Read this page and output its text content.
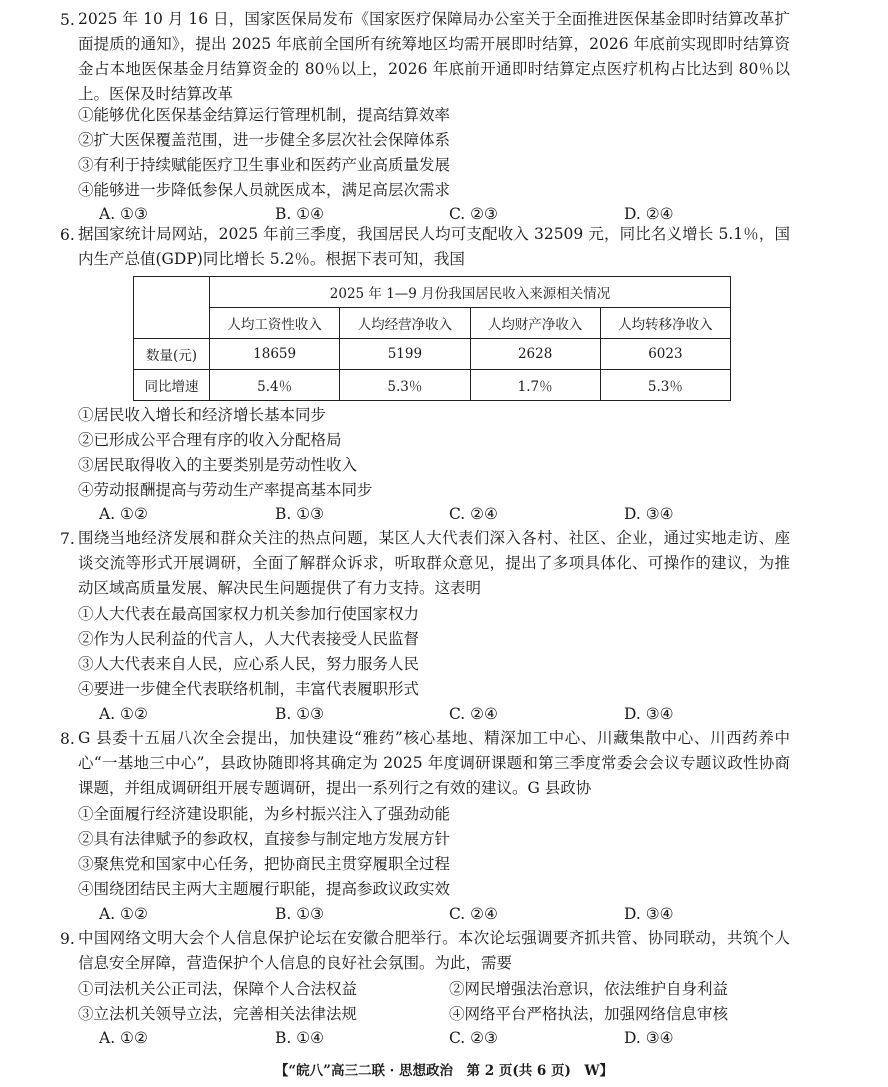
5. 2025 年 10 月 16 日，国家医保局发布《国家医疗保障局办公室关于全面推进医保基金即时结算改革扩面提质的通知》，提出 2025 年底前全国所有统筹地区均需开展即时结算，2026 年底前实现即时结算资金占本地医保基金月结算资金的 80％以上，2026 年底前开通即时结算定点医疗机构占比达到 80％以上。医保及时结算改革
①能够优化医保基金结算运行管理机制，提高结算效率
②扩大医保覆盖范围，进一步健全多层次社会保障体系
③有利于持续赋能医疗卫生事业和医药产业高质量发展
④能够进一步降低参保人员就医成本，满足高层次需求
A. ①③	B. ①④	C. ②③	D. ②④
6. 据国家统计局网站，2025 年前三季度，我国居民人均可支配收入 32509 元，同比名义增长 5.1％，国内生产总值(GDP)同比增长 5.2％。根据下表可知，我国
	2025 年 1—9 月份我国居民收入来源相关情况			
	人均工资性收入	人均经营净收入	人均财产净收入	人均转移净收入
数量(元)	18659	5199	2628	6023
同比增速	5.4％	5.3％	1.7％	5.3％
①居民收入增长和经济增长基本同步
②已形成公平合理有序的收入分配格局
③居民取得收入的主要类别是劳动性收入
④劳动报酬提高与劳动生产率提高基本同步
A. ①②	B. ①③	C. ②④	D. ③④
7. 围绕当地经济发展和群众关注的热点问题，某区人大代表们深入各村、社区、企业，通过实地走访、座谈交流等形式开展调研，全面了解群众诉求，听取群众意见，提出了多项具体化、可操作的建议，为推动区域高质量发展、解决民生问题提供了有力支持。这表明
①人大代表在最高国家权力机关参加行使国家权力
②作为人民利益的代言人，人大代表接受人民监督
③人大代表来自人民，应心系人民，努力服务人民
④要进一步健全代表联络机制，丰富代表履职形式
A. ①②	B. ①③	C. ②④	D. ③④
8. G 县委十五届八次全会提出，加快建设“雅药”核心基地、精深加工中心、川藏集散中心、川西药养中心“一基地三中心”，县政协随即将其确定为 2025 年度调研课题和第三季度常委会会议专题议政性协商课题，并组成调研组开展专题调研，提出一系列行之有效的建议。G 县政协
①全面履行经济建设职能，为乡村振兴注入了强劲动能
②具有法律赋予的参政权，直接参与制定地方发展方针
③聚焦党和国家中心任务，把协商民主贯穿履职全过程
④围绕团结民主两大主题履行职能，提高参政议政实效
A. ①②	B. ①③	C. ②④	D. ③④
9. 中国网络文明大会个人信息保护论坛在安徽合肥举行。本次论坛强调要齐抓共管、协同联动，共筑个人信息安全屏障，营造保护个人信息的良好社会氛围。为此，需要
①司法机关公正司法，保障个人合法权益	②网民增强法治意识，依法维护自身利益
③立法机关领导立法，完善相关法律法规	④网络平台严格执法，加强网络信息审核
A. ①②	B. ①④	C. ②③	D. ③④
【“皖八”高三二联 · 思想政治　第 2 页(共 6 页)　W】
